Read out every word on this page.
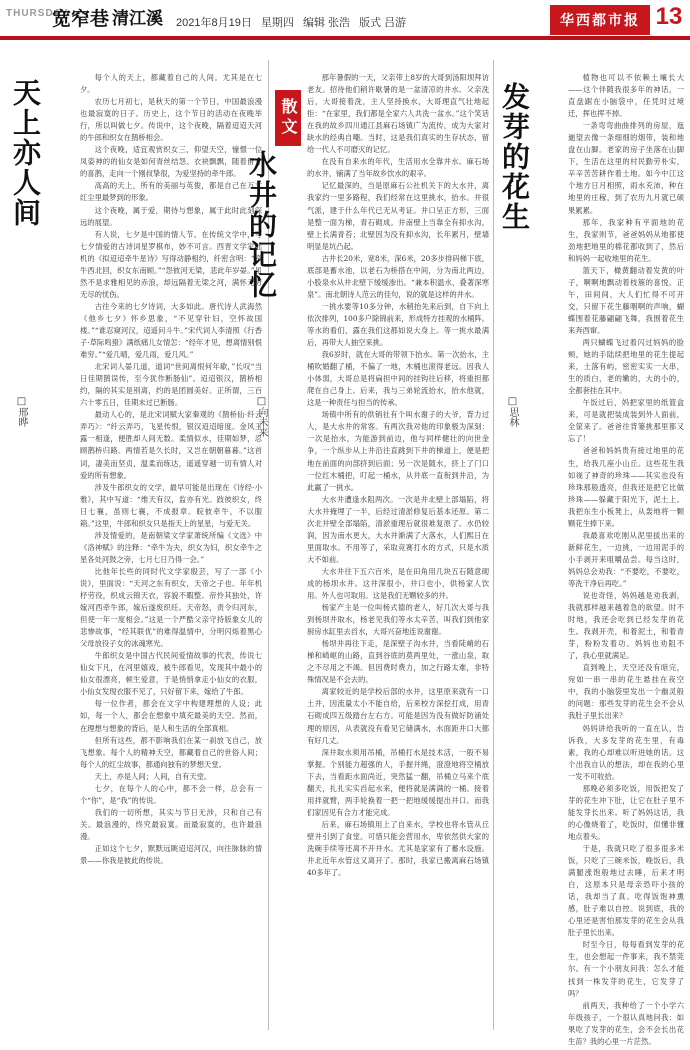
THURSDAY
宽窄巷 清江溪 2021年8月19日 星期四 编辑 张浩 版式 吕游	华西都市报 13
天上亦人间
□邢晔

每个人的天上，都藏着自己的人间。尤其是在七夕。

农历七月初七，是秋天的第一个节日，中国最浪漫也最寂寞的日子。历史上，这个节日的活动在夜晚举行，所以叫做七夕。传说中，这个夜晚，隔着迢迢天河的牛郎和织女在鹊桥相会。

这个夜晚，适宜观赏织女三，仰望天空，憧憬一位凤姿神的的仙女是如何青丝结怨、衣袂飘飘，随着留守的喜鹊，走向一个刚叔挚很，为爱坚持的牵牛郎。

高高的天上，所有的美丽与英俊，都是自己在万丈红尘里最梦到的形象。

这个夜晚，属于爱，期待与想象，属于此时此刻深远的展望。

有人说，七夕是中国的情人节。在传统文学中，写七夕情爱的古诗词星罗棋布，妙不可言。西晋文学家陆机的《拟迢迢牵牛星诗》写得动静相约，纤密含明：“牵牛西北回，织女东南顾。”“怨彼河无梁，悲此年岁晏。”虽然不是求雅相见的赤浪，却远隔着无梁之河，满怀无穷无尽的忧伤。

古往今来的七夕诗词，大多如此。唐代诗人武海然《他乡七夕》怀乡思象，“不见穿针妇，空怀故国楼。”“谁忍窥河汉，迢遥问斗牛。”宋代词人李清照《行香子·草际鸣蛩》满纸痛儿女情怎：“经年才见，想离情别恨难穷。”“爱几晴，爱几雨，爱几风。”

北宋词人晏几道，道词“世间离恨何年歇，”长叹“当日佳期鹊误传，至今犹作断肠仙”。迢迢银汉，鹊桥相约，隔的其实是别离，约的是团圆美好。正所谓，三百六十零五日，佳期未过已断肠。

最动人心的，是北宋词赋大家秦观的《鹊桥仙·纤云弄巧》：“纤云弄巧，飞星传恨，银汉迢迢暗度。金风玉露一相逢，便胜却人间无数。柔情似水，佳期如梦，忍顾鹊桥归路。两情若是久长时，又岂在朝朝暮暮。”这首词，凄美而坚贞，温柔而练达，遥遥穿越一切有情人对爱的所有想象。

涉及牛郎织女的文学，最早可能是出现在《诗经·小雅》，其中写道：“维天有汉，监亦有光。跂彼织女，终日七襄，虽则七襄，不成报章。睆彼牵牛，不以服箱。”这里，牛郎和织女只是指天上的星星，与爱无关。

涉及情爱的，是南朝梁文学家萧统所编《文选》中《洛神赋》的注释：“牵牛为夫，织女为妇，织女牵牛之星各处河鼓之旁，七月七日乃得一会。”

比他年长些的同时代文学家殷芸，写了一部《小说》，里面说：“天河之东有织女，天帝之子也。年年机杼劳役，织成云锦天衣，容貌不暇整。帝怜其独处，许嫁河西牵牛郎，嫁后遂废织纴。天帝怒，责令归河东，但使一年一度相会。”这是一个严酷父亲守持版象女儿的悲惨故事，“经其联优”的难得温情中，分明闪烁着黑心父母放役子女的冰魂寒光。

牛郎织女是中国古代民间爱情故事的代表，传说七仙女下凡，在河里嬉戏，被牛郎看见，发现其中最小的仙女很漂亮，顿生爱意，于是悄悄拿走小仙女的衣服，小仙女发现衣服不见了，只好留下来，嫁给了牛郎。

每一位作者，都会在文字中构建理想的人设；此如，每一个人，都会在想象中填充最美的天空。然而，在理想与想象的背后，是人和生活的全部真相。

但所有这些，都不影响我们在某一刹放飞自己，放飞想象。每个人的精神天空，都藏着自己的世俗人间；每个人的红尘故事，都通向独有的梦想天堂。

天上，亦是人间；人间，自有天堂。

七夕，在每个人的心中，都不会一样，总会有一个“你”，是“我”的传说。

我们的一切所想，其实与节日无涉，只和自己有关。最浪漫的，终究最寂寞。而最寂寞的，也许最浪漫。

正如这个七夕，默默远眺迢迢河汉，向往脉脉的情景——你我是彼此的传说。

散文
水井的记忆
□向未来

那年暑假的一天，父亲带上8岁的大哥到汤阳坝拜访老友。招待他们稍许歇暑的是一盆清凉的井水。父亲洗后，大哥接着洗，主人坚持换水，大哥理直气壮地起拒：“在家里，我们都是全家六人共洗一盆水。”这个笑话在我的故乡四川通江县麻石场镇广为流传，成为大家对缺水的经典自嘲。当时，这是我们真实的生存状态，留给一代人不可磨灭的记忆。

在没有自来水的年代，生活用水全靠井水。麻石场的水井，铺满了当年故乡饮水的艰辛。

记忆最深的，当是原麻石公社机关下的大水井，离我家约一里多路程，我们经常在这里挑水，抬水。井很气派，建于什么年代已无从考证。井口呈正方形，三面是整一面为梯，青石砌成。井南壁上当靠全有抑水沟，壁上长满青苔；北壁因为没有抑水沟，长年累月，壁墙明显是坑凸起。

古井长20米，宽8米，深6米，20多步排码梯下底，底部是蓄水池，以老石为桥搭在中间，分为南北两边，小股泉水从井北壁下缓缓渗出。“兼本积温水，叠著深寒泉”。南北朝诗人范云的佳句，说的就是这样的井水。

一挑水要等10多分钟，水稍抬先来后到，自下向上依次排列，100多户除锦前来，形成特方挂观的水桶阵。等水的看们，露在我们这都如说大身上。等一挑水最满后，再带大人抽空来挑。

我6岁时，就在大哥的带领下抬水。第一次抬水，主桶吹婚翻了桶，不偏了一地，木桶也滚得老远。因我人小体弱，大哥总是将扁担中间的挂钩往后移，将重担都爬在自己身上。后来，我与三弟轮流抬水，抬水他就，这是一种责任与担当的传承。

场镇中所有的供销社有个叫水谢子的大爷，背力过人，是大水井的常客。有两次我对他的印象极为深刻：一次是抬水，为能游到前边，他与同样健壮的向世金争，一个纵步从上井沿往直跳到下井的梯道上，便是把地在前面的向部挤到后面；另一次是随水，挤上了门口一位红木桶把，叮起一桶水，从井底一直衔到井沿，为此赢了一挑水。

大水井遭逢水阻两次。一次是井北壁上部塌陷，将大水井掩埋了一半，后经过清淤修复后基本还原。第二次北井壁全部塌陷，清淤重理后就很难复原了。水仍较润，因为南水更大，大水井渐满了大落水，人们熙日在里面取水。不用等了，采取竞赛打水的方式，只是水质大不如前。

大水井往下五六百米，是在田角用几块五石随意砌成的杨坝水井。这井深很小，井口也小，供杨家人饮用。外人也可取用。这是我们无颗较多的井。

杨家产主是一位叫杨式德的老人，好几次大哥与我到杨坝井取水，杨老见我们等水太辛苦，叫我们到他家厨房水缸里去舀水，大哥兴奋地连说谢谢。

杨坝井再往下走，是深壁子沟水井，当看陡峭的石梯和崎岖的山路，直到谷底的莫两里处，一涨山泉，取之不尽用之不竭。但因费时费力，加之行路太难，非特殊情况是不会去的。

离家较近的是学校后部的水井，这里原来就有一口土井，因流量太小不能自给，后来校方深挖打成，用青石砌成四五级踏台左右方。可能是因为没有做好防涌处理的原因，从表就没有看见它储满水，水面距井口大都有好几丈。

深井取水须用吊桶，吊桶打水是技术活，一般不易掌握。个别能力超强的人，手握井绳，澄澄地将空桶放下去，当看距水面尚近，突然猛一翻，吊桶立马来个底翻天，扎扎实实舀起水来，便将就是满满的一桶。接着用拌就臂，两手轮换着一把一把地缓缓提出井口。而我们家因见有合力才能完成。

后来，麻石场镇用上了自来水，学校也将水管从丘壁井引到了食堂。可惜只能会营用水，卑依然供大家的洗碗手续等还离不开井水。尤其是家家有了蓄水设施。井北近年水管这又离开了。那时，我家已搬离麻石场镇40多年了。

发芽的花生
□思林

植物也可以不依赖土壤长大——这个伴随我很多年的神话，一直盘踞在小脑袋中，任凭时过境迁，挥也挥不掉。

一条弯弯曲曲排列的房屋，迤逦望去像一条细细的烟带，装和地盘在山脚。老家的房子坐落在山脚下，生活在这里的村民勤劳朴实，辛辛苦苦耕作着土地。如今中江这个地方日月相照，雨水充沛，种在地里的庄稼，到了农历九月就已硕果累累。

那年，我家种有平面地的花生，我家则节，爸爸妈妈从地都使劲地把地里的棉花都收到了，然后和妈妈一起收地里的花生。

篮天下，橄黄翻动着发黄的叶子，啊啊地飘动着枝簇的喜悦。正午，田间间，大人们忙得不可开交，只留下花生藤咽啊的声响，蝴蝶围着花藤翩翩飞舞，我围着花生来奔西窜。

两只蝴蝶飞过着闪过妈妈的脸颊，她的手陆续把地里的花生提起来，土落有屿，密密实实一大串，生的质白，老的嫩的，大的小的，全都套挂在其中。

午饭过后，妈把家里的纸篮盒来，可是就把装成装到外人面前，全筐来了。爸爸往背篓挑那里都又忘了！

爸爸和妈妈贵有接过地里的花生，给我几座小山丘。这些花生我如视了神奇的珍珠——其实也没有珍珠那般透亮，但我还是把它比做珍珠——躲藏于阳光下，泥土上。我把东生小板凳上，从轰地将一颗颗花生捧下来。

我最喜欢吃刚从泥里拔出来的新鲜花生，一边挑，一边用泥手的小手剥开来咀嚼品尝。每当这时，妈妈总会劝我：“不要吃，不要吃，等洗干净后再吃。”

说也奇怪，妈妈越是劝我剥，我就那样越来越着急的欲望。时不时地，我还会吃到已经发芽的花生。我剥开壳，和着泥土，和着青芽，粉粉发着功。妈妈也劝阻不了，我心里就满足。

直到晚上，天空还没有暗完，宛如一串一串的花生悬挂在夜空中，我的小脑袋里发出一个幽灵般的问题：那些发芽的花生会不会从我肚子里长出来？

妈妈讲给我听的一直在认，告诉我，大多发芽的花生里，有毒素，我的心却难以听进她的话。这个出我自认的想法，却在我的心里一发不可收拾。

那晚必须多吃饭，用饭把发了芽的花生冲下肚，让它在肚子里不能发芽长出来。听了妈妈这话，我的心像烧着了，吃饭时，似懂非懂地点着头。

于是，我就只吃了很多很多米饭，只吃了三碗米饭，晚饭后，我满腿涨饱般地过去睡，后来才明白，这原本只是母亲恐吓小孩的话，我却当了真。吃得饭饱神熏感，肚子难以自控。说到底，我的心里还是害怕那发芽的花生会从我肚子里长出来。

时至今日，每每看到发芽的花生，也会想起一件事来，我不禁莞尔。有一个小朋友问我：怎么才能找到一株发芽的花生，它发芽了吗？

前两天，我种给了一个小学六年级孩子，一个很认真地问我：如果吃了发芽的花生，会不会长出花生苗？我的心里一片茫然。
